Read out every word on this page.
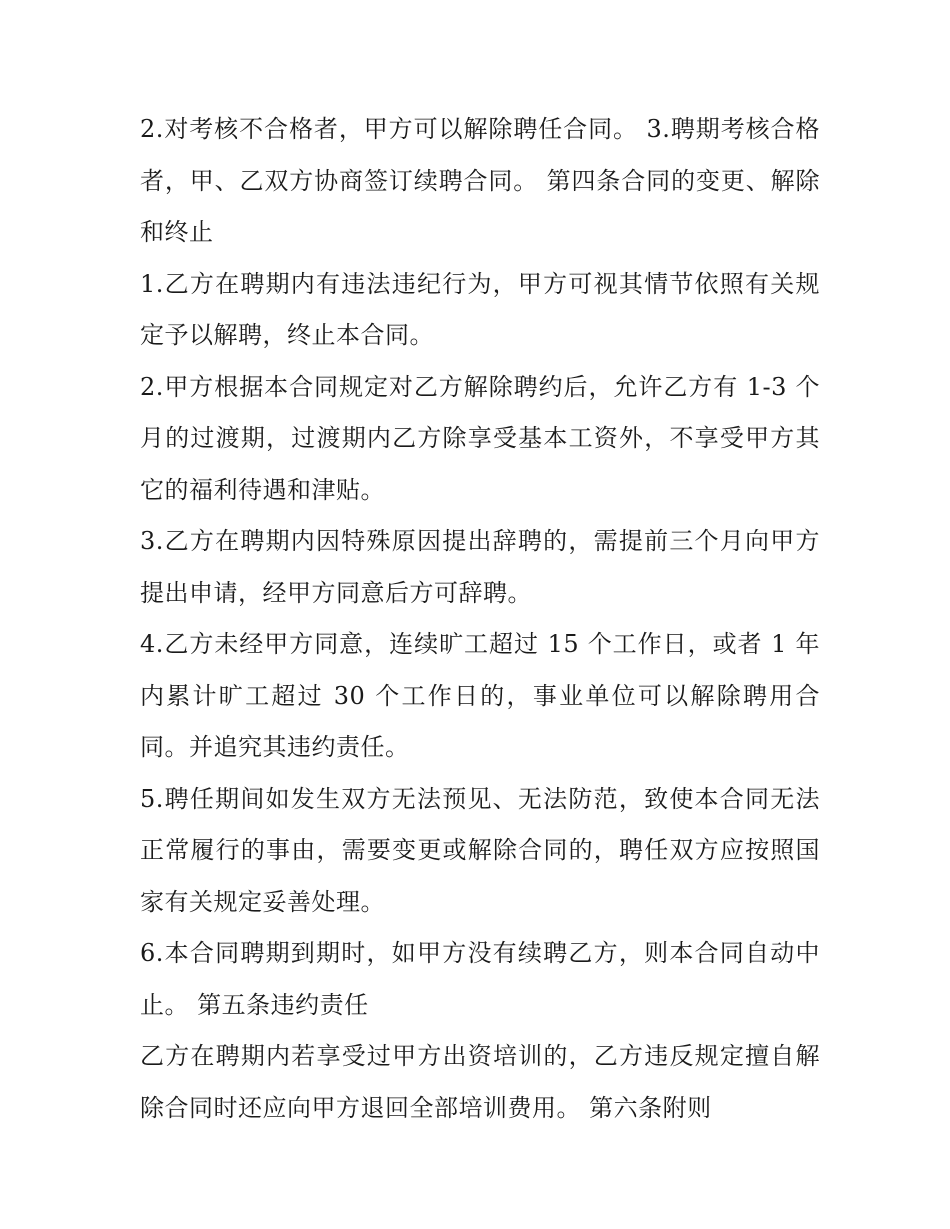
2.对考核不合格者，甲方可以解除聘任合同。 3.聘期考核合格者，甲、乙双方协商签订续聘合同。 第四条合同的变更、解除和终止

1.乙方在聘期内有违法违纪行为，甲方可视其情节依照有关规定予以解聘，终止本合同。

2.甲方根据本合同规定对乙方解除聘约后，允许乙方有 1-3 个月的过渡期，过渡期内乙方除享受基本工资外，不享受甲方其它的福利待遇和津贴。

3.乙方在聘期内因特殊原因提出辞聘的，需提前三个月向甲方提出申请，经甲方同意后方可辞聘。

4.乙方未经甲方同意，连续旷工超过 15 个工作日，或者 1 年内累计旷工超过 30 个工作日的，事业单位可以解除聘用合同。并追究其违约责任。

5.聘任期间如发生双方无法预见、无法防范，致使本合同无法正常履行的事由，需要变更或解除合同的，聘任双方应按照国家有关规定妥善处理。

6.本合同聘期到期时，如甲方没有续聘乙方，则本合同自动中止。 第五条违约责任

乙方在聘期内若享受过甲方出资培训的，乙方违反规定擅自解除合同时还应向甲方退回全部培训费用。 第六条附则
